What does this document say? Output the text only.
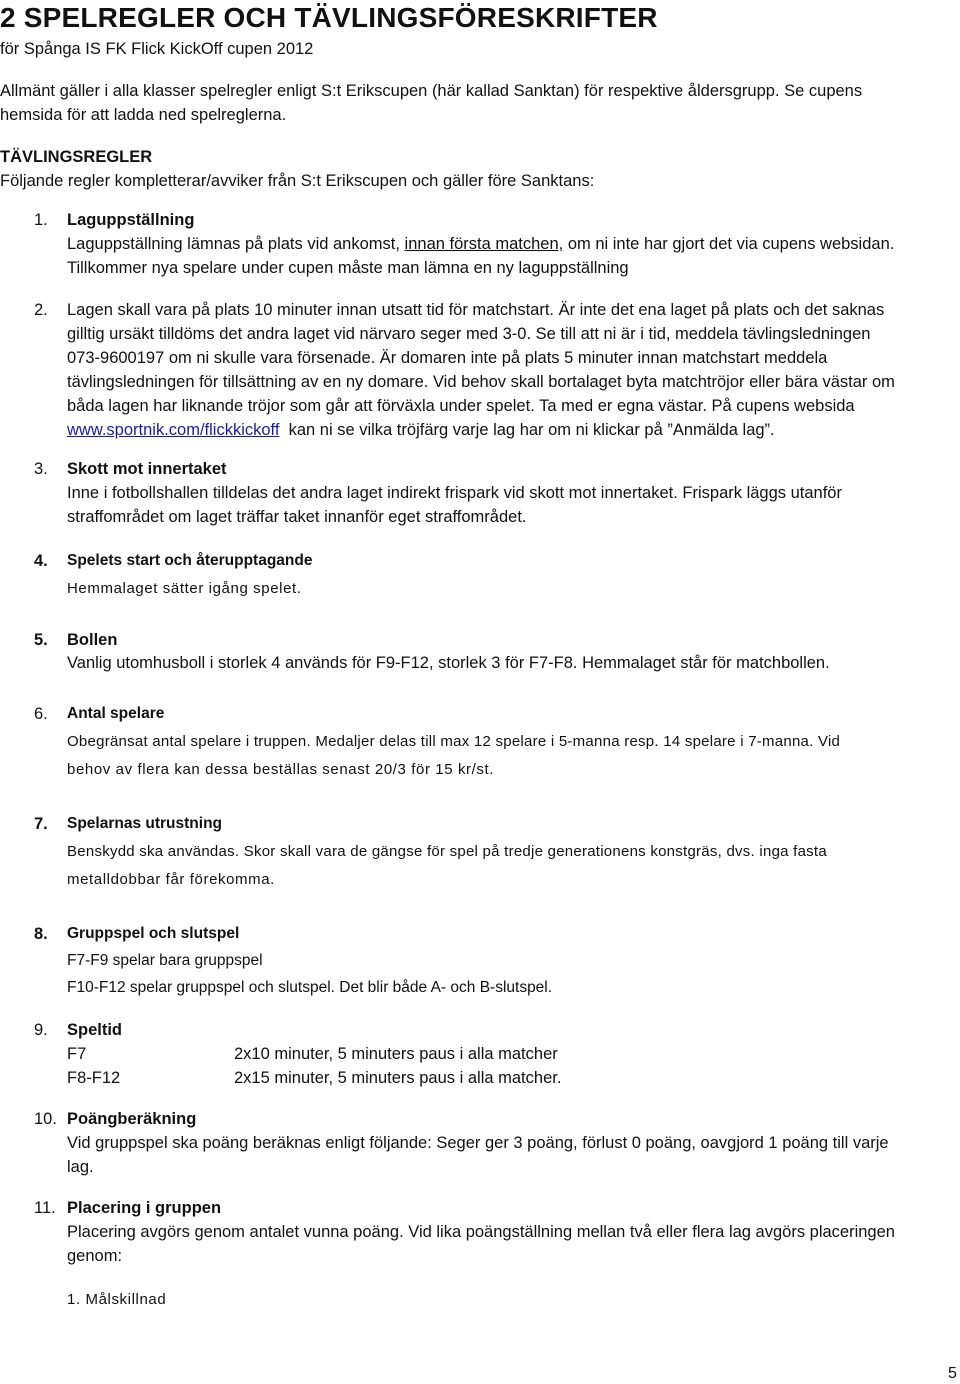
2 SPELREGLER OCH TÄVLINGSFÖRESKRIFTER
för Spånga IS FK Flick KickOff cupen 2012
Allmänt gäller i alla klasser spelregler enligt S:t Erikscupen (här kallad Sanktan) för respektive åldersgrupp. Se cupens
hemsida för att ladda ned spelreglerna.
TÄVLINGSREGLER
Följande regler kompletterar/avviker från S:t Erikscupen och gäller före Sanktans:
1. Laguppställning
Laguppställning lämnas på plats vid ankomst, innan första matchen, om ni inte har gjort det via cupens websidan.
Tillkommer nya spelare under cupen måste man lämna en ny laguppställning
2. Lagen skall vara på plats 10 minuter innan utsatt tid för matchstart. Är inte det ena laget på plats och det saknas
gilltig ursäkt tilldöms det andra laget vid närvaro seger med 3-0. Se till att ni är i tid, meddela tävlingsledningen
073-9600197 om ni skulle vara försenade. Är domaren inte på plats 5 minuter innan matchstart meddela
tävlingsledningen för tillsättning av en ny domare. Vid behov skall bortalaget byta matchtröjor eller bära västar om
båda lagen har liknande tröjor som går att förväxla under spelet. Ta med er egna västar. På cupens websida
www.sportnik.com/flickkickoff  kan ni se vilka tröjfärg varje lag har om ni klickar på ”Anmälda lag”.
3. Skott mot innertaket
Inne i fotbollshallen tilldelas det andra laget indirekt frispark vid skott mot innertaket. Frispark läggs utanför
straffområdet om laget träffar taket innanför eget straffområdet.
4. Spelets start och återupptagande
Hemmalaget sätter igång spelet.
5. Bollen
Vanlig utomhusboll i storlek 4 används för F9-F12, storlek 3 för F7-F8. Hemmalaget står för matchbollen.
6. Antal spelare
Obegränsat antal spelare i truppen. Medaljer delas till max 12 spelare i 5-manna resp. 14 spelare i 7-manna. Vid
behov av flera kan dessa beställas senast 20/3 för 15 kr/st.
7. Spelarnas utrustning
Benskydd ska användas. Skor skall vara de gängse för spel på tredje generationens konstgräs, dvs. inga fasta
metalldobbar får förekomma.
8. Gruppspel och slutspel
F7-F9 spelar bara gruppspel
F10-F12 spelar gruppspel och slutspel. Det blir både A- och B-slutspel.
9. Speltid
F7	2x10 minuter, 5 minuters paus i alla matcher
F8-F12	2x15 minuter, 5 minuters paus i alla matcher.
10. Poängberäkning
Vid gruppspel ska poäng beräknas enligt följande: Seger ger 3 poäng, förlust 0 poäng, oavgjord 1 poäng till varje
lag.
11. Placering i gruppen
Placering avgörs genom antalet vunna poäng. Vid lika poängställning mellan två eller flera lag avgörs placeringen
genom:
1. Målskillnad
5
